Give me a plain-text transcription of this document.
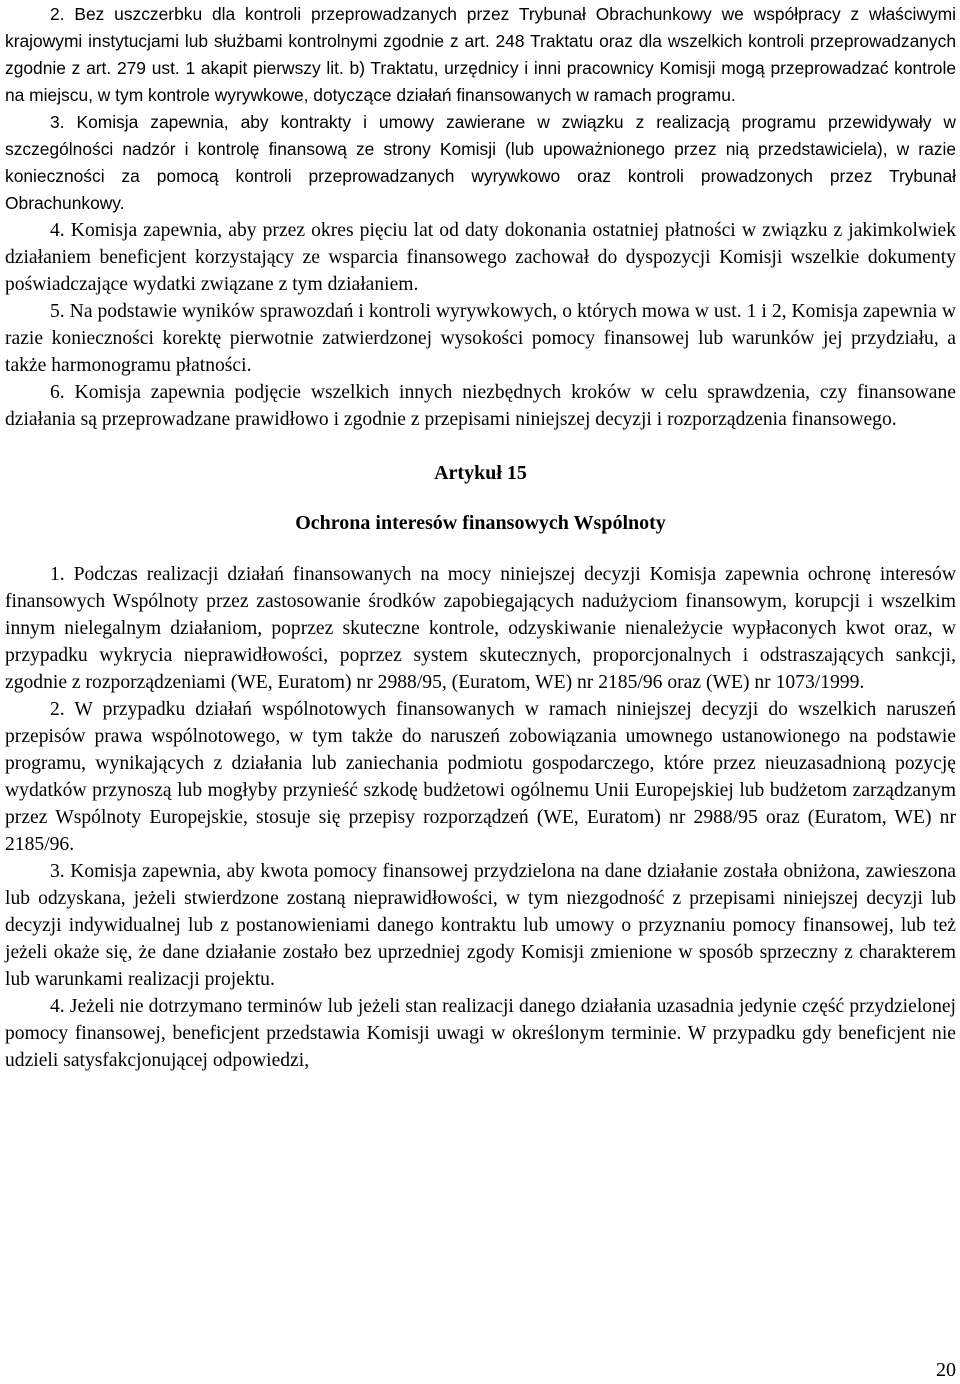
2. Bez uszczerbku dla kontroli przeprowadzanych przez Trybunał Obrachunkowy we współpracy z właściwymi krajowymi instytucjami lub służbami kontrolnymi zgodnie z art. 248 Traktatu oraz dla wszelkich kontroli przeprowadzanych zgodnie z art. 279 ust. 1 akapit pierwszy lit. b) Traktatu, urzędnicy i inni pracownicy Komisji mogą przeprowadzać kontrole na miejscu, w tym kontrole wyrywkowe, dotyczące działań finansowanych w ramach programu.

3. Komisja zapewnia, aby kontrakty i umowy zawierane w związku z realizacją programu przewidywały w szczególności nadzór i kontrolę finansową ze strony Komisji (lub upoważnionego przez nią przedstawiciela), w razie konieczności za pomocą kontroli przeprowadzanych wyrywkowo oraz kontroli prowadzonych przez Trybunał Obrachunkowy.

4. Komisja zapewnia, aby przez okres pięciu lat od daty dokonania ostatniej płatności w związku z jakimkolwiek działaniem beneficjent korzystający ze wsparcia finansowego zachował do dyspozycji Komisji wszelkie dokumenty poświadczające wydatki związane z tym działaniem.

5. Na podstawie wyników sprawozdań i kontroli wyrywkowych, o których mowa w ust. 1 i 2, Komisja zapewnia w razie konieczności korektę pierwotnie zatwierdzonej wysokości pomocy finansowej lub warunków jej przydziału, a także harmonogramu płatności.

6. Komisja zapewnia podjęcie wszelkich innych niezbędnych kroków w celu sprawdzenia, czy finansowane działania są przeprowadzane prawidłowo i zgodnie z przepisami niniejszej decyzji i rozporządzenia finansowego.

Artykuł 15
Ochrona interesów finansowych Wspólnoty

1. Podczas realizacji działań finansowanych na mocy niniejszej decyzji Komisja zapewnia ochronę interesów finansowych Wspólnoty przez zastosowanie środków zapobiegających nadużyciom finansowym, korupcji i wszelkim innym nielegalnym działaniom, poprzez skuteczne kontrole, odzyskiwanie nienależycie wypłaconych kwot oraz, w przypadku wykrycia nieprawidłowości, poprzez system skutecznych, proporcjonalnych i odstraszających sankcji, zgodnie z rozporządzeniami (WE, Euratom) nr 2988/95, (Euratom, WE) nr 2185/96 oraz (WE) nr 1073/1999.

2. W przypadku działań wspólnotowych finansowanych w ramach niniejszej decyzji do wszelkich naruszeń przepisów prawa wspólnotowego, w tym także do naruszeń zobowiązania umownego ustanowionego na podstawie programu, wynikających z działania lub zaniechania podmiotu gospodarczego, które przez nieuzasadnioną pozycję wydatków przynoszą lub mogłyby przynieść szkodę budżetowi ogólnemu Unii Europejskiej lub budżetom zarządzanym przez Wspólnoty Europejskie, stosuje się przepisy rozporządzeń (WE, Euratom) nr 2988/95 oraz (Euratom, WE) nr 2185/96.

3. Komisja zapewnia, aby kwota pomocy finansowej przydzielona na dane działanie została obniżona, zawieszona lub odzyskana, jeżeli stwierdzone zostaną nieprawidłowości, w tym niezgodność z przepisami niniejszej decyzji lub decyzji indywidualnej lub z postanowieniami danego kontraktu lub umowy o przyznaniu pomocy finansowej, lub też jeżeli okaże się, że dane działanie zostało bez uprzedniej zgody Komisji zmienione w sposób sprzeczny z charakterem lub warunkami realizacji projektu.

4. Jeżeli nie dotrzymano terminów lub jeżeli stan realizacji danego działania uzasadnia jedynie część przydzielonej pomocy finansowej, beneficjent przedstawia Komisji uwagi w określonym terminie. W przypadku gdy beneficjent nie udzieli satysfakcjonującej odpowiedzi,

20
